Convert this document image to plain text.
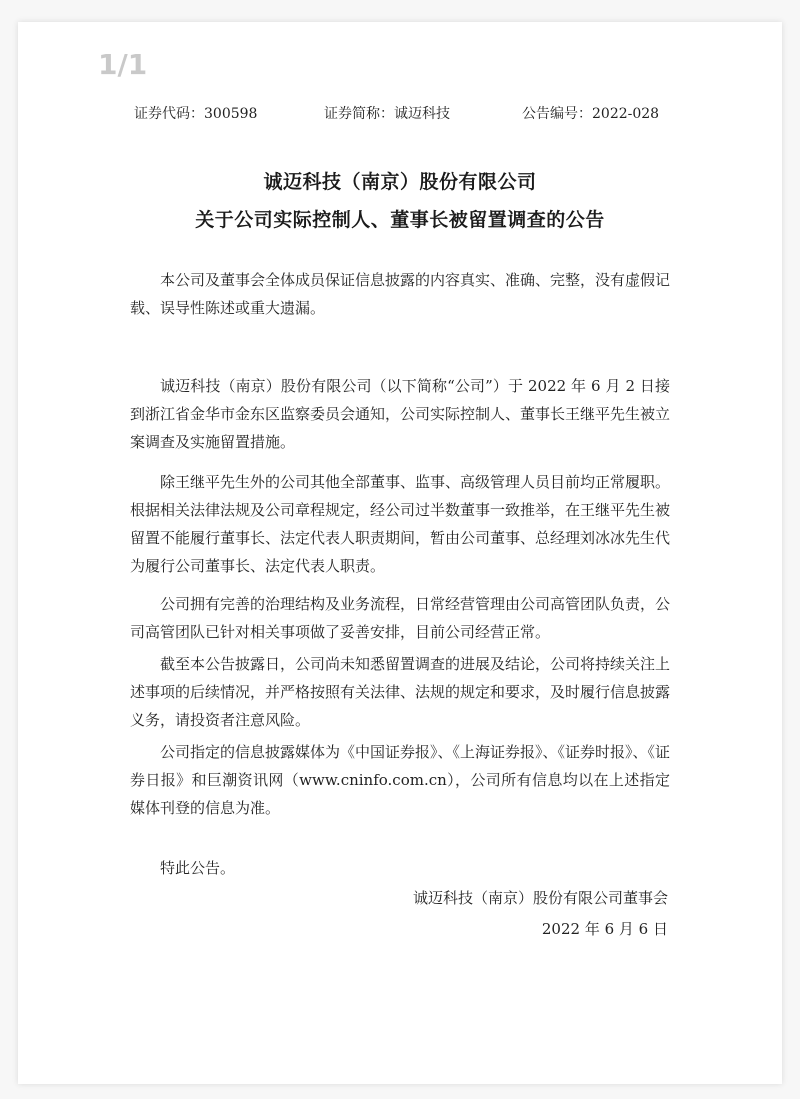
1/1
证券代码：300598	证券简称：诚迈科技	公告编号：2022-028
诚迈科技（南京）股份有限公司
关于公司实际控制人、董事长被留置调查的公告

本公司及董事会全体成员保证信息披露的内容真实、准确、完整，没有虚假记载、误导性陈述或重大遗漏。

诚迈科技（南京）股份有限公司（以下简称“公司”）于 2022 年 6 月 2 日接到浙江省金华市金东区监察委员会通知，公司实际控制人、董事长王继平先生被立案调查及实施留置措施。

除王继平先生外的公司其他全部董事、监事、高级管理人员目前均正常履职。根据相关法律法规及公司章程规定，经公司过半数董事一致推举，在王继平先生被留置不能履行董事长、法定代表人职责期间，暂由公司董事、总经理刘冰冰先生代为履行公司董事长、法定代表人职责。

公司拥有完善的治理结构及业务流程，日常经营管理由公司高管团队负责，公司高管团队已针对相关事项做了妥善安排，目前公司经营正常。

截至本公告披露日，公司尚未知悉留置调查的进展及结论，公司将持续关注上述事项的后续情况，并严格按照有关法律、法规的规定和要求，及时履行信息披露义务，请投资者注意风险。

公司指定的信息披露媒体为《中国证券报》、《上海证券报》、《证券时报》、《证券日报》和巨潮资讯网（www.cninfo.com.cn），公司所有信息均以在上述指定媒体刊登的信息为准。

特此公告。

诚迈科技（南京）股份有限公司董事会
2022 年 6 月 6 日
